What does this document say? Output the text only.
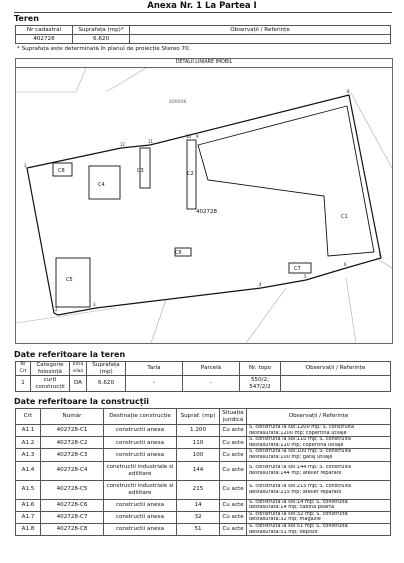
Anexa Nr. 1 La Partea I
Teren
Nr cadastral	Suprafața (mp)*	Observații / Referințe
402728	6.620	
* Suprafața este determinată în planul de proiecție Stereo 70.
DETALII LINIARE IMOBIL
C1
C2
C3
C4
C5
C6
C7
C8
402728
400008
1
2
3
4
5
6
7
8
9
10
11
12
Date referitoare la teren
Nr Crt	Categorie folosință	Intra vilan	Suprafața (mp)	Tarla	Parcelă	Nr. topo	Observații / Referințe
1	curți construcții	DA	6.620	-	-	550/2; 547/2/2	
Date referitoare la construcții
Crt	Număr	Destinație construcție	Supraf. (mp)	Situație juridică	Observații / Referințe
A1.1	402728-C1	constructii anexa	1.200	Cu acte	S. construita la sol:1200 mp; S. construita
desfasurata:1200 mp; copertina utilaje

A1.2	402728-C2	constructii anexa	110	Cu acte	S. construita la sol:110 mp; S. construita
desfasurata:110 mp; copertina utilaje

A1.3	402728-C3	constructii anexa	100	Cu acte	S. construita la sol:100 mp; S. construita
desfasurata:100 mp; garaj utilaje

A1.4	402728-C4	constructii industriale si edilitare	144	Cu acte	S. construita la sol:144 mp; S. construita
desfasurata:144 mp; atelier reparatii

A1.5	402728-C5	constructii industriale si edilitare	215	Cu acte	S. construita la sol:215 mp; S. construita
desfasurata:215 mp; atelier reparatii

A1.6	402728-C6	constructii anexa	14	Cu acte	S. construita la sol:14 mp; S. construita
desfasurata:14 mp; cabina poarta

A1.7	402728-C7	constructii anexa	32	Cu acte	S. construita la sol:32 mp; S. construita
desfasurata:32 mp; magazie

A1.8	402728-C8	constructii anexa	51	Cu acte	S. construita la sol:51 mp; S. construita
desfasurata:51 mp; depozit
